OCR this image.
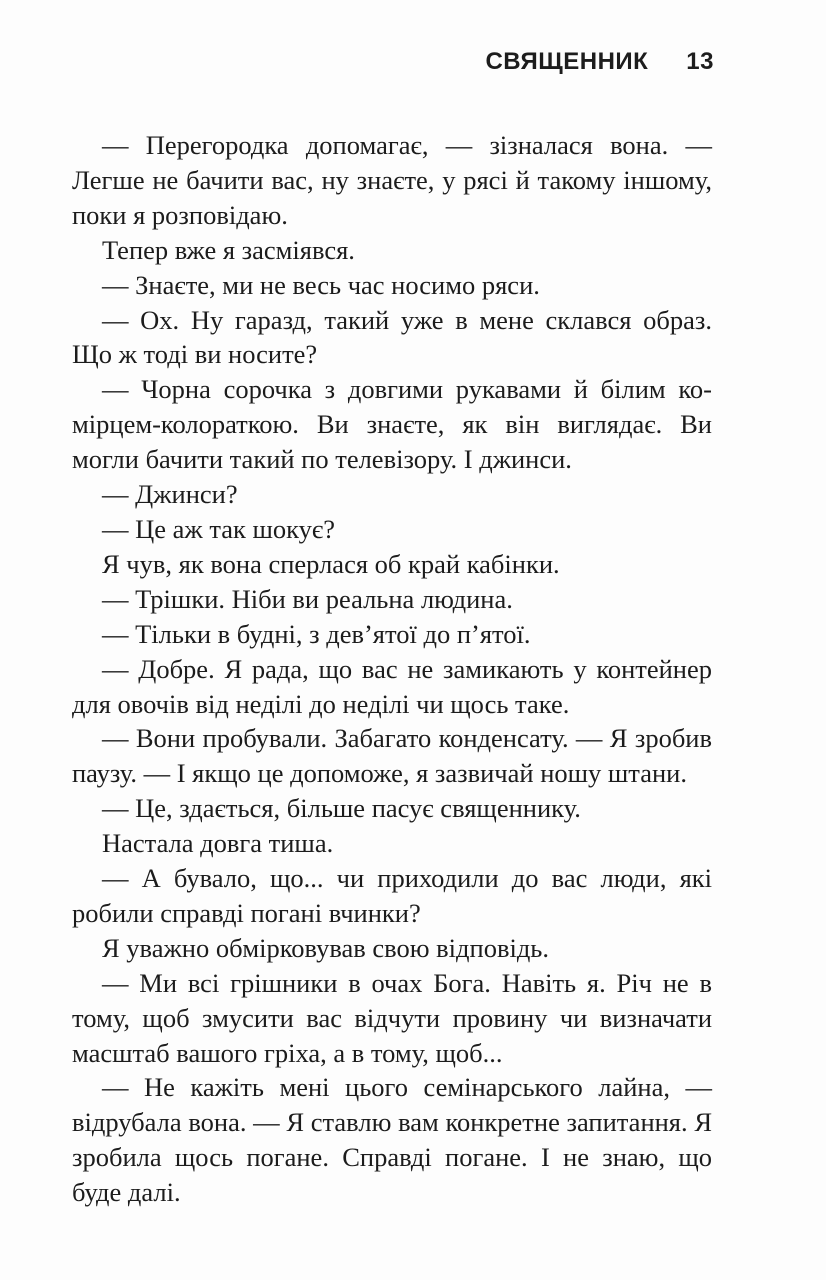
СВЯЩЕННИК 13

— Перегородка допомагає, — зізналася вона. — Легше не бачити вас, ну знаєте, у рясі й такому іншому, поки я розповідаю.

Тепер вже я засміявся.

— Знаєте, ми не весь час носимо ряси.

— Ох. Ну гаразд, такий уже в мене склався образ. Що ж тоді ви носите?

— Чорна сорочка з довгими рукавами й білим комірцем-колораткою. Ви знаєте, як він виглядає. Ви могли бачити такий по телевізору. І джинси.

— Джинси?

— Це аж так шокує?

Я чув, як вона сперлася об край кабінки.

— Трішки. Ніби ви реальна людина.

— Тільки в будні, з дев’ятої до п’ятої.

— Добре. Я рада, що вас не замикають у контейнер для овочів від неділі до неділі чи щось таке.

— Вони пробували. Забагато конденсату. — Я зробив паузу. — І якщо це допоможе, я зазвичай ношу штани.

— Це, здається, більше пасує священнику.

Настала довга тиша.

— А бувало, що... чи приходили до вас люди, які робили справді погані вчинки?

Я уважно обмірковував свою відповідь.

— Ми всі грішники в очах Бога. Навіть я. Річ не в тому, щоб змусити вас відчути провину чи визначати масштаб вашого гріха, а в тому, щоб...

— Не кажіть мені цього семінарського лайна, — відрубала вона. — Я ставлю вам конкретне запитання. Я зробила щось погане. Справді погане. І не знаю, що буде далі.
